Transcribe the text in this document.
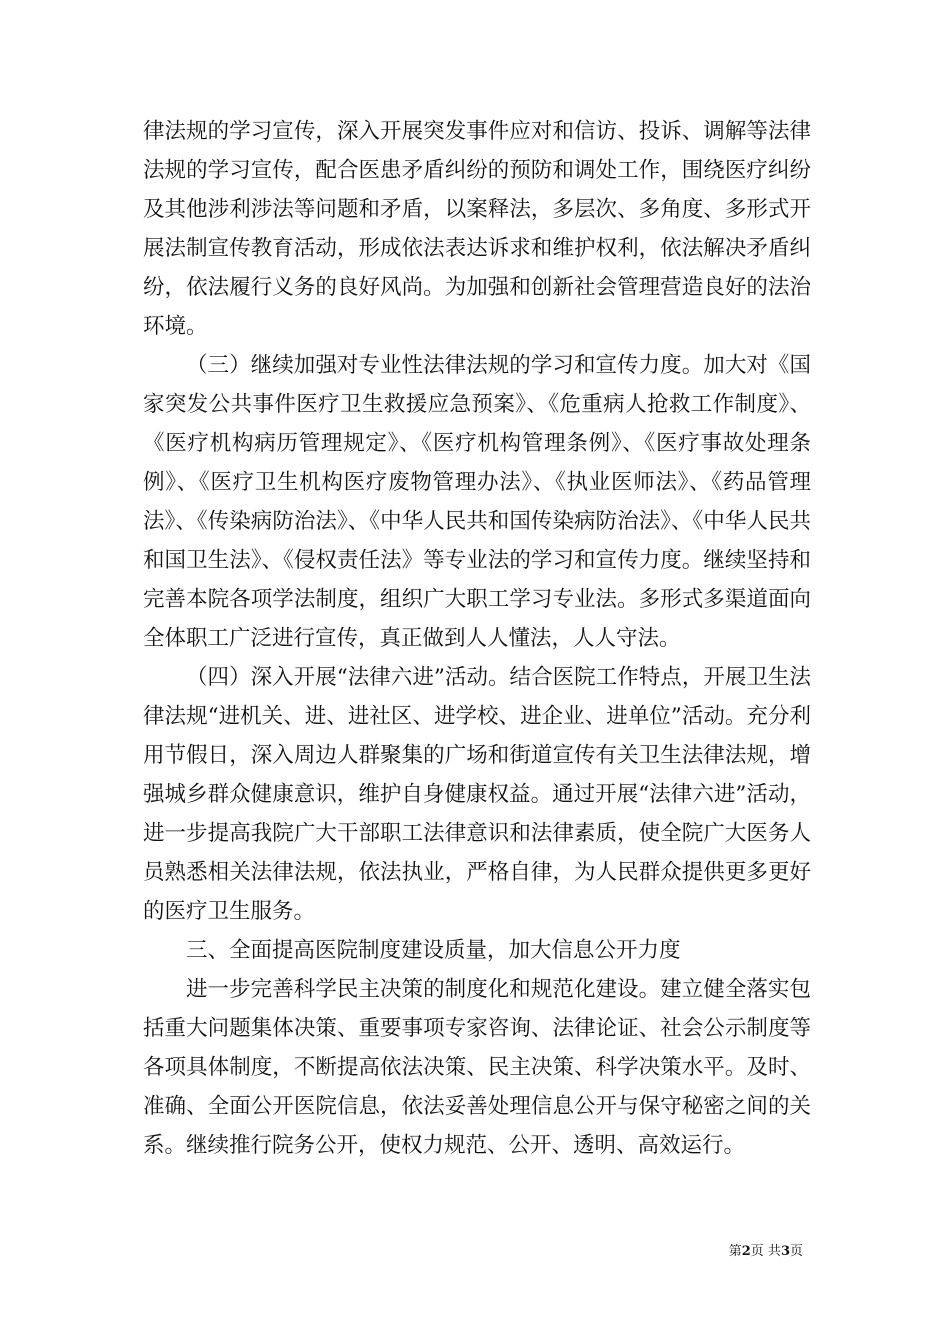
律法规的学习宣传，深入开展突发事件应对和信访、投诉、调解等法律法规的学习宣传，配合医患矛盾纠纷的预防和调处工作，围绕医疗纠纷及其他涉利涉法等问题和矛盾，以案释法，多层次、多角度、多形式开展法制宣传教育活动，形成依法表达诉求和维护权利，依法解决矛盾纠纷，依法履行义务的良好风尚。为加强和创新社会管理营造良好的法治环境。

（三）继续加强对专业性法律法规的学习和宣传力度。加大对《国家突发公共事件医疗卫生救援应急预案》、《危重病人抢救工作制度》、《医疗机构病历管理规定》、《医疗机构管理条例》、《医疗事故处理条例》、《医疗卫生机构医疗废物管理办法》、《执业医师法》、《药品管理法》、《传染病防治法》、《中华人民共和国传染病防治法》、《中华人民共和国卫生法》、《侵权责任法》等专业法的学习和宣传力度。继续坚持和完善本院各项学法制度，组织广大职工学习专业法。多形式多渠道面向全体职工广泛进行宣传，真正做到人人懂法，人人守法。

（四）深入开展“法律六进”活动。结合医院工作特点，开展卫生法律法规“进机关、进、进社区、进学校、进企业、进单位”活动。充分利用节假日，深入周边人群聚集的广场和街道宣传有关卫生法律法规，增强城乡群众健康意识，维护自身健康权益。通过开展“法律六进”活动，进一步提高我院广大干部职工法律意识和法律素质，使全院广大医务人员熟悉相关法律法规，依法执业，严格自律，为人民群众提供更多更好的医疗卫生服务。

三、全面提高医院制度建设质量，加大信息公开力度

进一步完善科学民主决策的制度化和规范化建设。建立健全落实包括重大问题集体决策、重要事项专家咨询、法律论证、社会公示制度等各项具体制度，不断提高依法决策、民主决策、科学决策水平。及时、准确、全面公开医院信息，依法妥善处理信息公开与保守秘密之间的关系。继续推行院务公开，使权力规范、公开、透明、高效运行。

第2页 共3页
